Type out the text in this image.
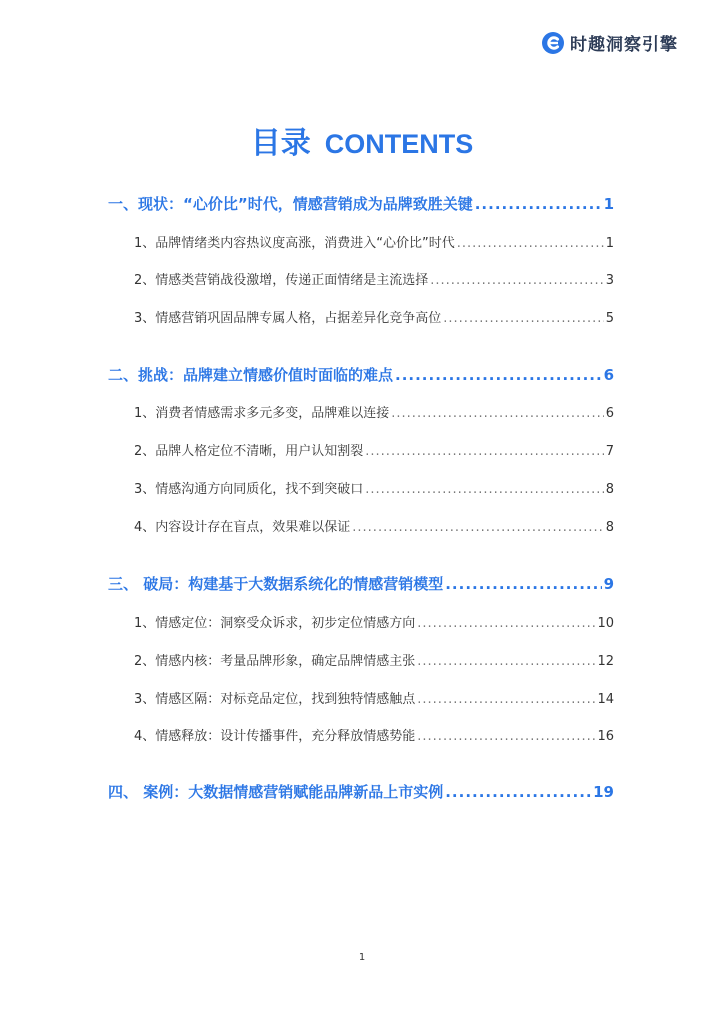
时趣洞察引擎
目录 CONTENTS
一、现状：“心价比”时代，情感营销成为品牌致胜关键 .....	1
1、品牌情绪类内容热议度高涨，消费进入“心价比”时代 .....	1
2、情感类营销战役激增，传递正面情绪是主流选择 .....	3
3、情感营销巩固品牌专属人格，占据差异化竞争高位 .....	5
二、挑战：品牌建立情感价值时面临的难点 .....	6
1、消费者情感需求多元多变，品牌难以连接 .....	6
2、品牌人格定位不清晰，用户认知割裂 .....	7
3、情感沟通方向同质化，找不到突破口 .....	8
4、内容设计存在盲点，效果难以保证 .....	8
三、 破局：构建基于大数据系统化的情感营销模型 .....	9
1、情感定位：洞察受众诉求，初步定位情感方向 .....	10
2、情感内核：考量品牌形象，确定品牌情感主张 .....	12
3、情感区隔：对标竞品定位，找到独特情感触点 .....	14
4、情感释放：设计传播事件，充分释放情感势能 .....	16
四、 案例：大数据情感营销赋能品牌新品上市实例 .....	19
1
